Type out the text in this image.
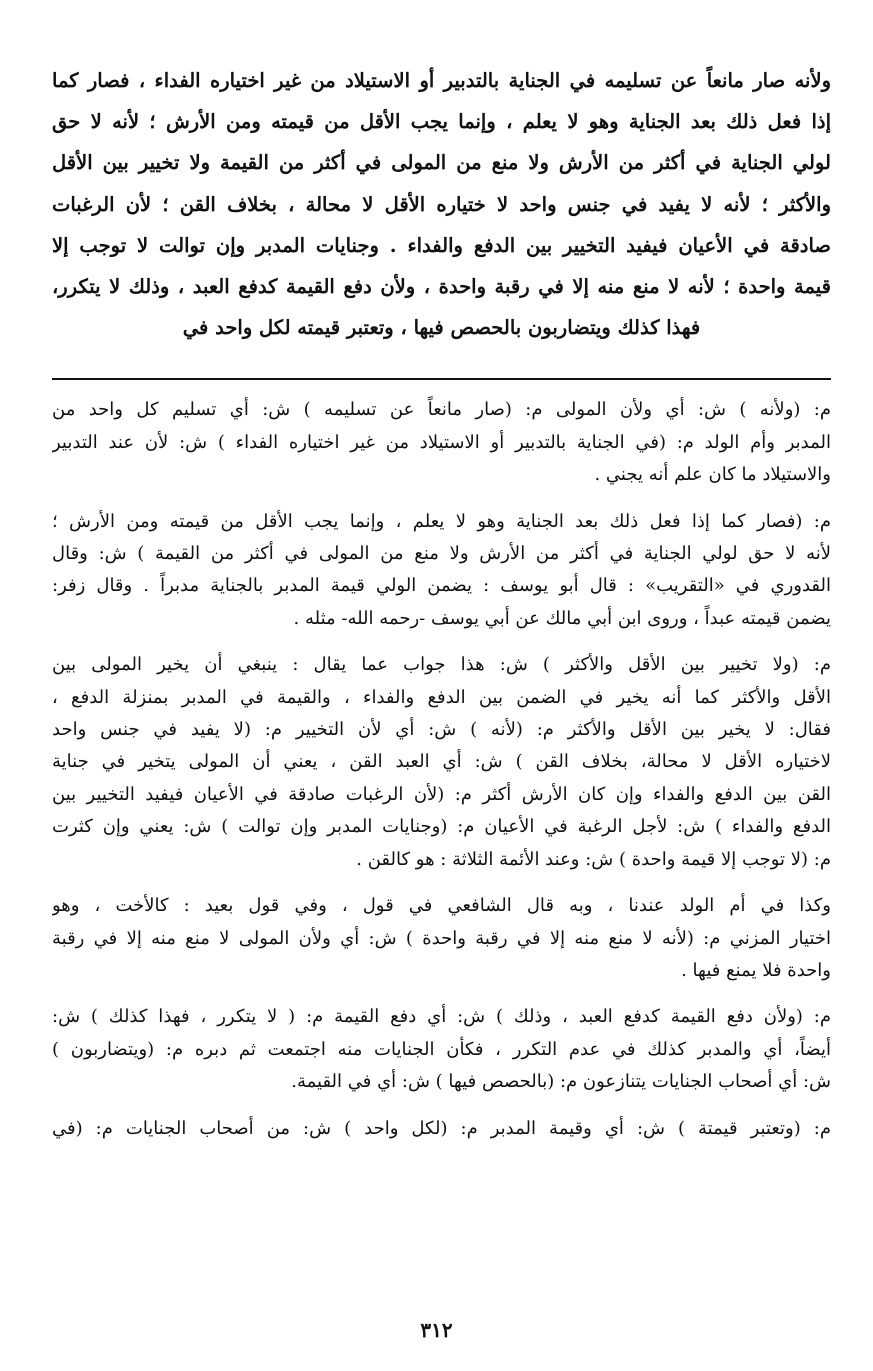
ولأنه صار مانعاً عن تسليمه في الجناية بالتدبير أو الاستيلاد من غير اختياره الفداء ، فصار كما
إذا فعل ذلك بعد الجناية وهو لا يعلم ، وإنما يجب الأقل من قيمته ومن الأرش ؛ لأنه لا حق
لولي الجناية في أكثر من الأرش ولا منع من المولى في أكثر من القيمة ولا تخيير بين الأقل
والأكثر ؛ لأنه لا يفيد في جنس واحد لا ختياره الأقل لا محالة ، بخلاف القن ؛ لأن الرغبات
صادقة في الأعيان فيفيد التخيير بين الدفع والفداء . وجنايات المدبر وإن توالت لا توجب إلا
قيمة واحدة ؛ لأنه لا منع منه إلا في رقبة واحدة ، ولأن دفع القيمة كدفع العبد ، وذلك لا يتكرر،
فهذا كذلك ويتضاربون بالحصص فيها ، وتعتبر قيمته لكل واحد في

م: (ولأنه ) ش: أي ولأن المولى م: (صار مانعاً عن تسليمه ) ش: أي تسليم كل واحد من
المدبر وأم الولد م: (في الجناية بالتدبير أو الاستيلاد من غير اختياره الفداء ) ش: لأن عند التدبير
والاستيلاد ما كان علم أنه يجني .

م: (فصار كما إذا فعل ذلك بعد الجناية وهو لا يعلم ، وإنما يجب الأقل من قيمته ومن الأرش ؛
لأنه لا حق لولي الجناية في أكثر من الأرش ولا منع من المولى في أكثر من القيمة ) ش: وقال
القدوري في «التقريب» : قال أبو يوسف : يضمن الولي قيمة المدبر بالجناية مدبراً . وقال زفر:
يضمن قيمته عبداً ، وروى ابن أبي مالك عن أبي يوسف -رحمه الله- مثله .

م: (ولا تخيير بين الأقل والأكثر ) ش: هذا جواب عما يقال : ينبغي أن يخير المولى بين
الأقل والأكثر كما أنه يخير في الضمن بين الدفع والفداء ، والقيمة في المدبر بمنزلة الدفع ،
فقال: لا يخير بين الأقل والأكثر م: (لأنه ) ش: أي لأن التخيير م: (لا يفيد في جنس واحد
لاختياره الأقل لا محالة، بخلاف القن ) ش: أي العبد القن ، يعني أن المولى يتخير في جناية
القن بين الدفع والفداء وإن كان الأرش أكثر م: (لأن الرغبات صادقة في الأعيان فيفيد التخيير بين
الدفع والفداء ) ش: لأجل الرغبة في الأعيان م: (وجنايات المدبر وإن توالت ) ش: يعني وإن كثرت
م: (لا توجب إلا قيمة واحدة ) ش: وعند الأئمة الثلاثة : هو كالقن .

وكذا في أم الولد عندنا ، وبه قال الشافعي في قول ، وفي قول بعيد : كالأخت ، وهو
اختيار المزني م: (لأنه لا منع منه إلا في رقبة واحدة ) ش: أي ولأن المولى لا منع منه إلا في رقبة
واحدة فلا يمنع فيها .

م: (ولأن دفع القيمة كدفع العبد ، وذلك ) ش: أي دفع القيمة م: ( لا يتكرر ، فهذا كذلك ) ش:
أيضاً، أي والمدبر كذلك في عدم التكرر ، فكأن الجنايات منه اجتمعت ثم دبره م: (ويتضاربون )
ش: أي أصحاب الجنايات يتنازعون م: (بالحصص فيها ) ش: أي في القيمة.

م: (وتعتبر قيمتة ) ش: أي وقيمة المدبر م: (لكل واحد ) ش: من أصحاب الجنايات م: (في

٣١٢
